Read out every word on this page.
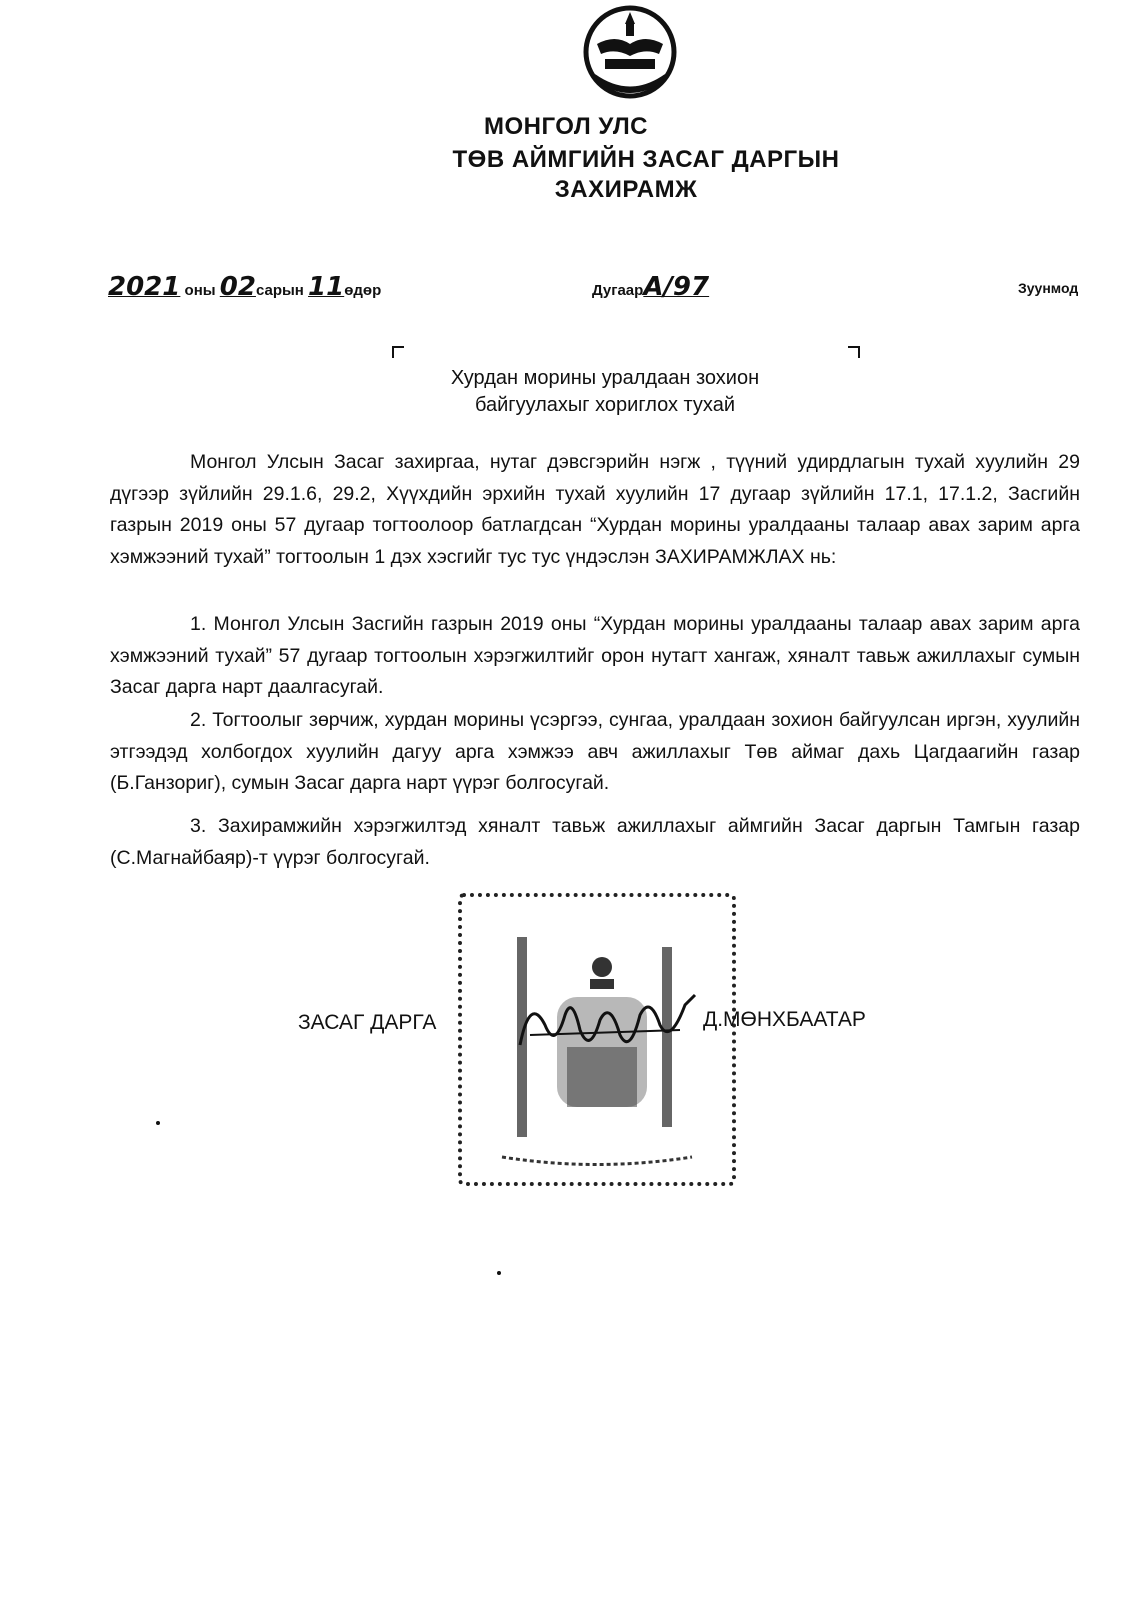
МОНГОЛ УЛС
ТӨВ АЙМГИЙН ЗАСАГ ДАРГЫН
ЗАХИРАМЖ
2021 оны 02сарын 11өдөр	ДугаарА/97	Зуунмод
Хурдан морины уралдаан зохион
байгуулахыг хориглох тухай

Монгол Улсын Засаг захиргаа, нутаг дэвсгэрийн нэгж , түүний удирдлагын тухай хуулийн 29 дүгээр зүйлийн 29.1.6, 29.2, Хүүхдийн эрхийн тухай хуулийн 17 дугаар зүйлийн 17.1, 17.1.2, Засгийн газрын 2019 оны 57 дугаар тогтоолоор батлагдсан “Хурдан морины уралдааны талаар авах зарим арга хэмжээний тухай” тогтоолын 1 дэх хэсгийг тус тус үндэслэн ЗАХИРАМЖЛАХ нь:

1. Монгол Улсын Засгийн газрын 2019 оны “Хурдан морины уралдааны талаар авах зарим арга хэмжээний тухай” 57 дугаар тогтоолын хэрэгжилтийг орон нутагт хангаж, хяналт тавьж ажиллахыг сумын Засаг дарга нарт даалгасугай.

2. Тогтоолыг зөрчиж, хурдан морины үсэргээ, сунгаа, уралдаан зохион байгуулсан иргэн, хуулийн этгээдэд холбогдох хуулийн дагуу арга хэмжээ авч ажиллахыг Төв аймаг дахь Цагдаагийн газар (Б.Ганзориг), сумын Засаг дарга нарт үүрэг болгосугай.

3. Захирамжийн хэрэгжилтэд хяналт тавьж ажиллахыг аймгийн Засаг даргын Тамгын газар (С.Магнайбаяр)-т үүрэг болгосугай.

ЗАСАГ ДАРГА	Д.МӨНХБААТАР
